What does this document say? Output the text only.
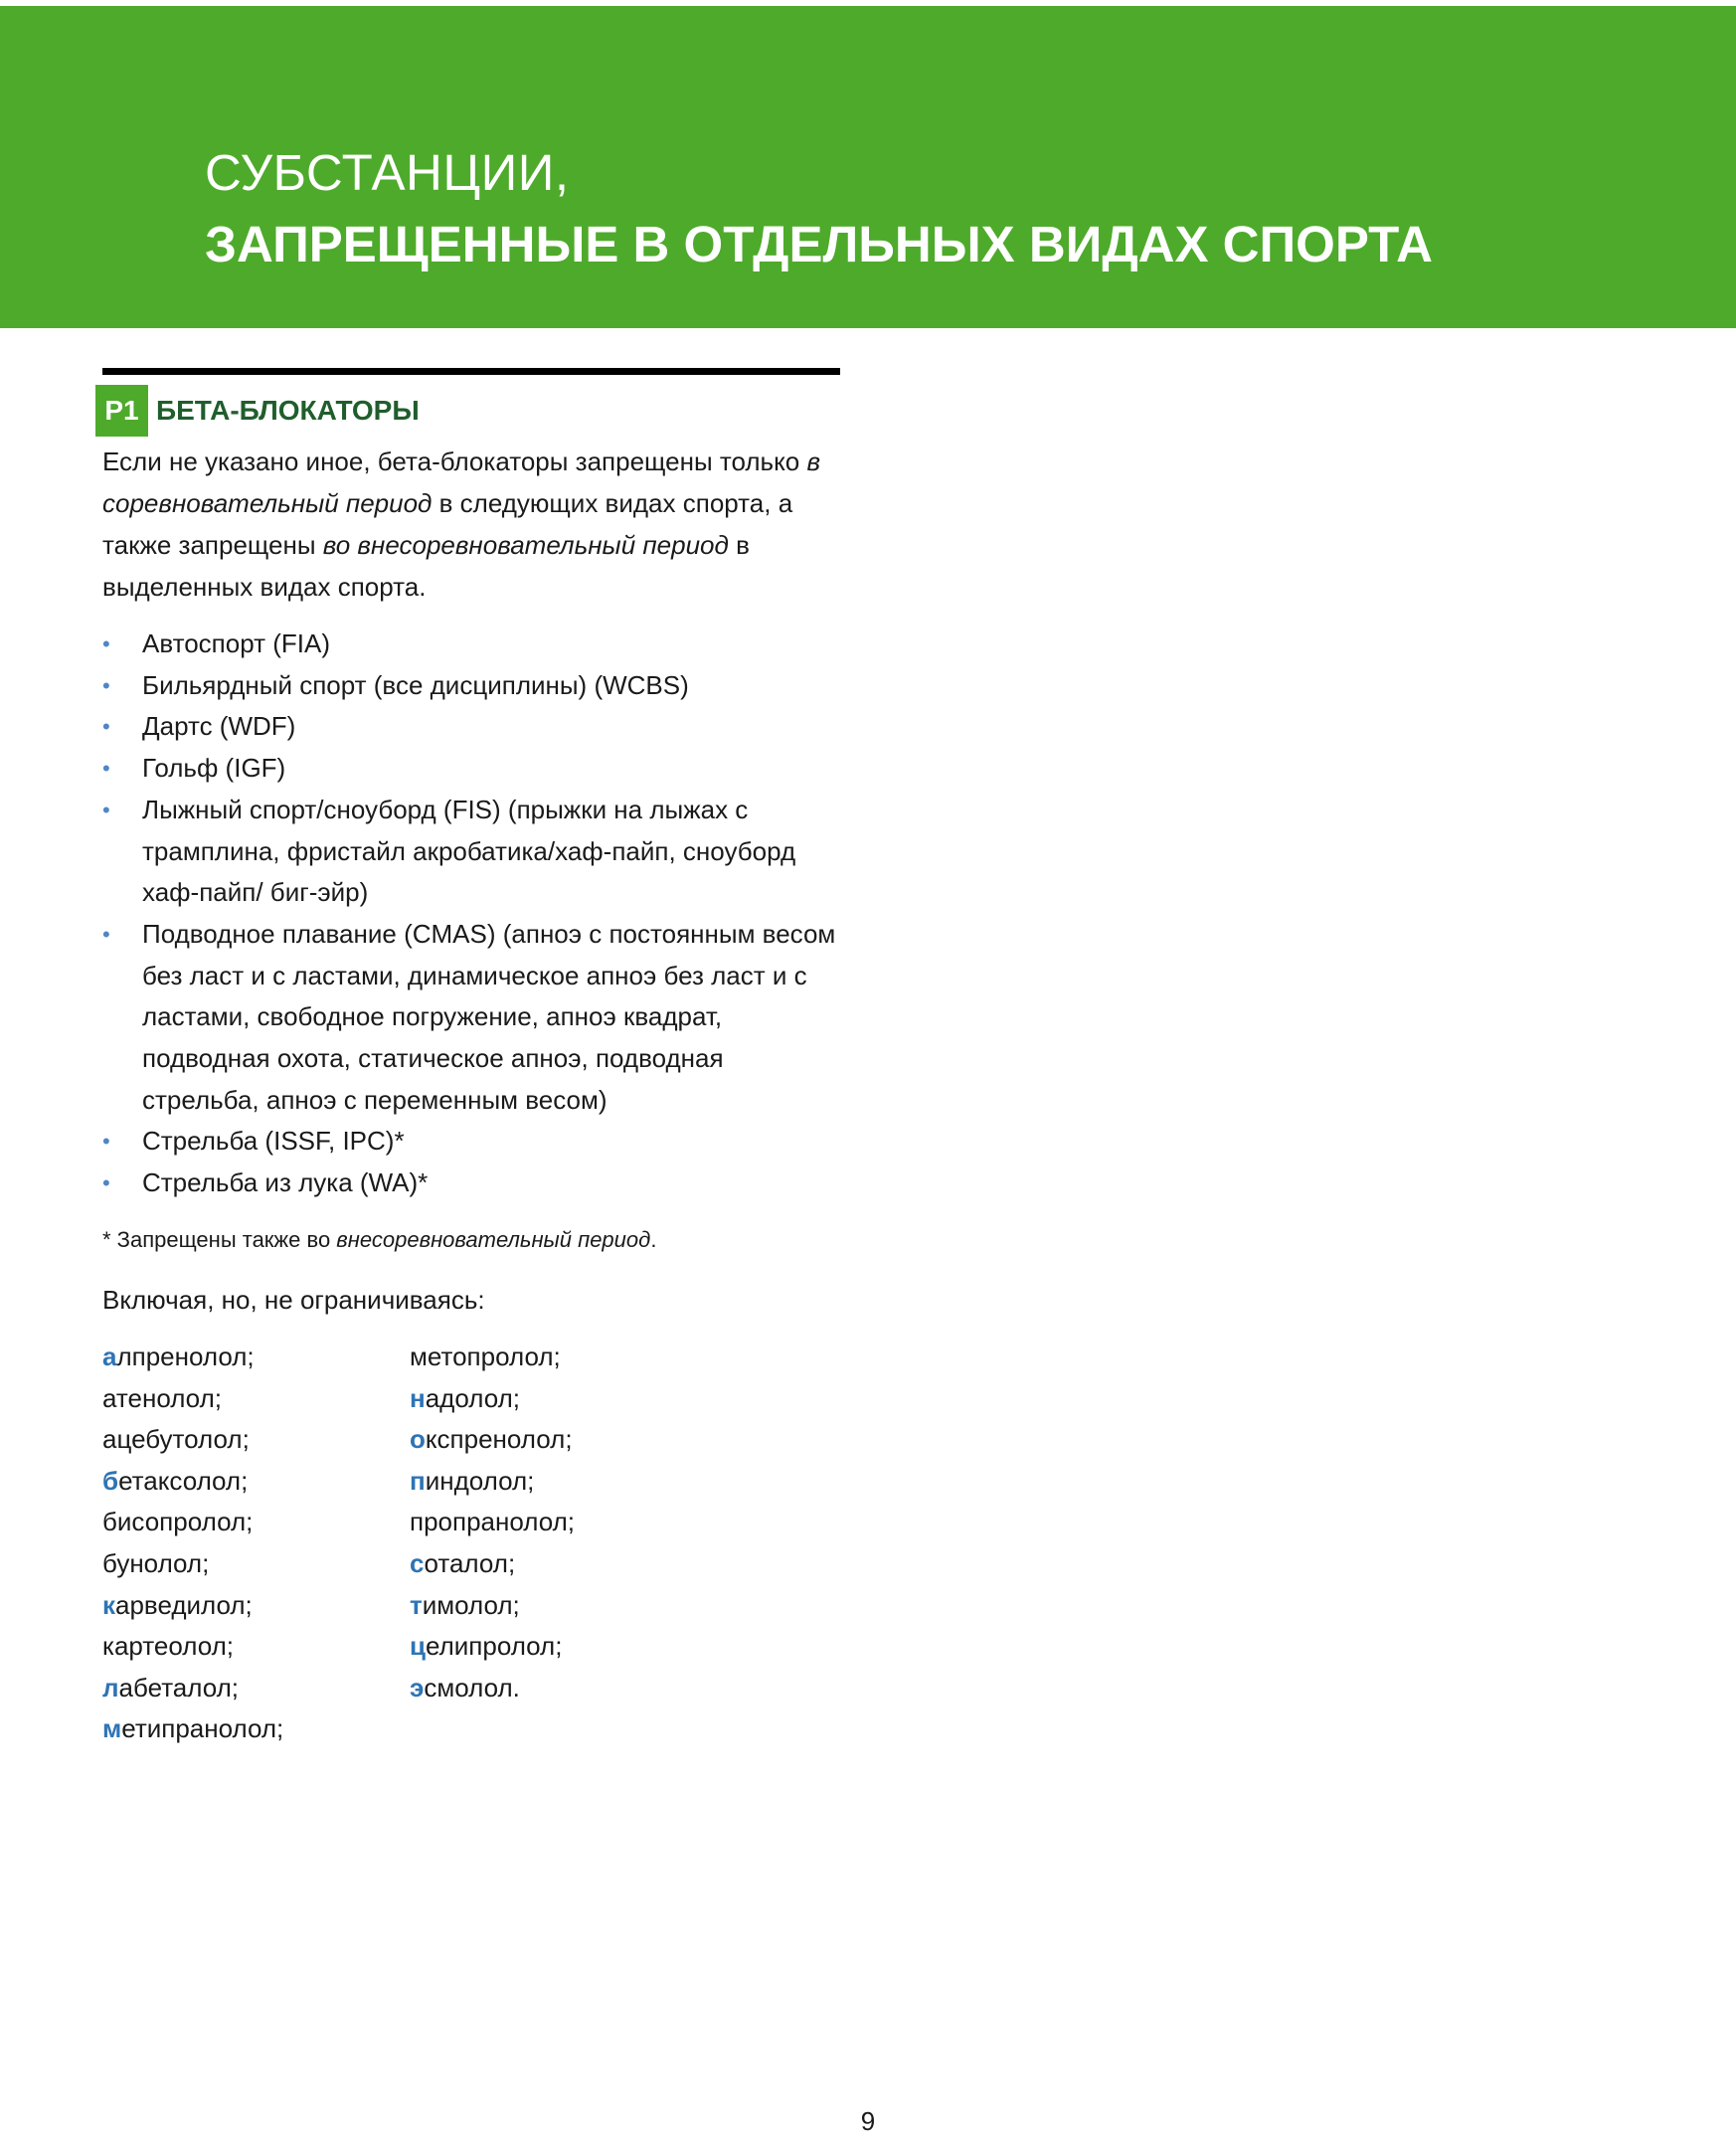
СУБСТАНЦИИ,
ЗАПРЕЩЕННЫЕ В ОТДЕЛЬНЫХ ВИДАХ СПОРТА
P1 БЕТА-БЛОКАТОРЫ

Если не указано иное, бета-блокаторы запрещены только в

соревновательный период в следующих видах спорта, а

также запрещены во внесоревновательный период в

выделенных видах спорта.

• Автоспорт (FIA)
• Бильярдный спорт (все дисциплины) (WCBS)
• Дартс (WDF)
• Гольф (IGF)
• Лыжный спорт/сноуборд (FIS) (прыжки на лыжах с
трамплина, фристайл акробатика/хаф-пайп, сноуборд
хаф-пайп/ биг-эйр)
• Подводное плавание (CMAS) (апноэ с постоянным весом
без ласт и с ластами, динамическое апноэ без ласт и с
ластами, свободное погружение, апноэ квадрат,
подводная охота, статическое апноэ, подводная
стрельба, апноэ с переменным весом)
• Стрельба (ISSF, IPC)*
• Стрельба из лука (WA)*
* Запрещены также во внесоревновательный период.
Включая, но, не ограничиваясь:
алпренолол;
атенолол;
ацебутолол;
бетаксолол;
бисопролол;
бунолол;
карведилол;
картеолол;
лабеталол;
метипранолол;
метопролол;
надолол;
окспренолол;
пиндолол;
пропранолол;
соталол;
тимолол;
целипролол;
эсмолол.
9
